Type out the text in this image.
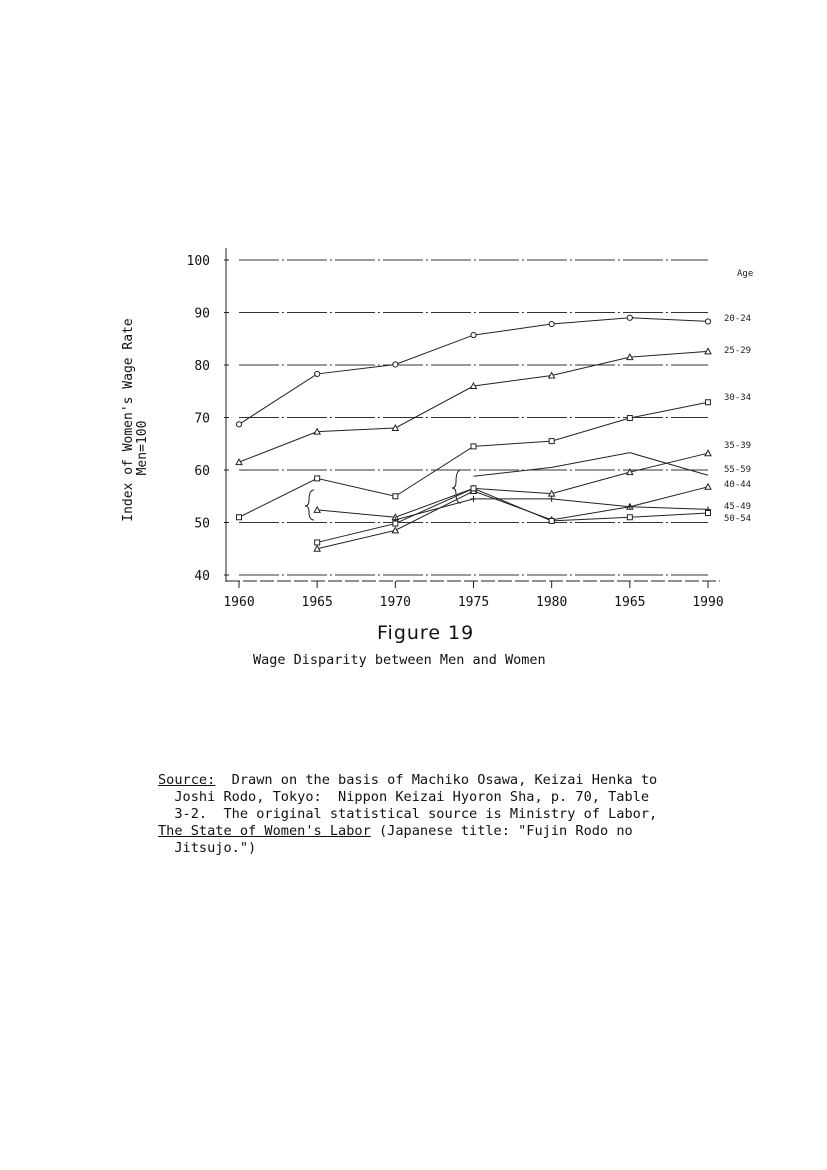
40
50
60
70
80
90
100
1960	1965	1970	1975	1980	1965	1990
Age
20-24
25-29
30-34
35-39
55-59
40-44
45-49
50-54
Index of Women's Wage Rate Men=100
Figure 19
Wage Disparity between Men and Women
Source:  Drawn on the basis of Machiko Osawa, Keizai Henka to
Joshi Rodo, Tokyo:  Nippon Keizai Hyoron Sha, p. 70, Table
3-2.  The original statistical source is Ministry of Labor,
The State of Women's Labor (Japanese title: "Fujin Rodo no
Jitsujo.")
